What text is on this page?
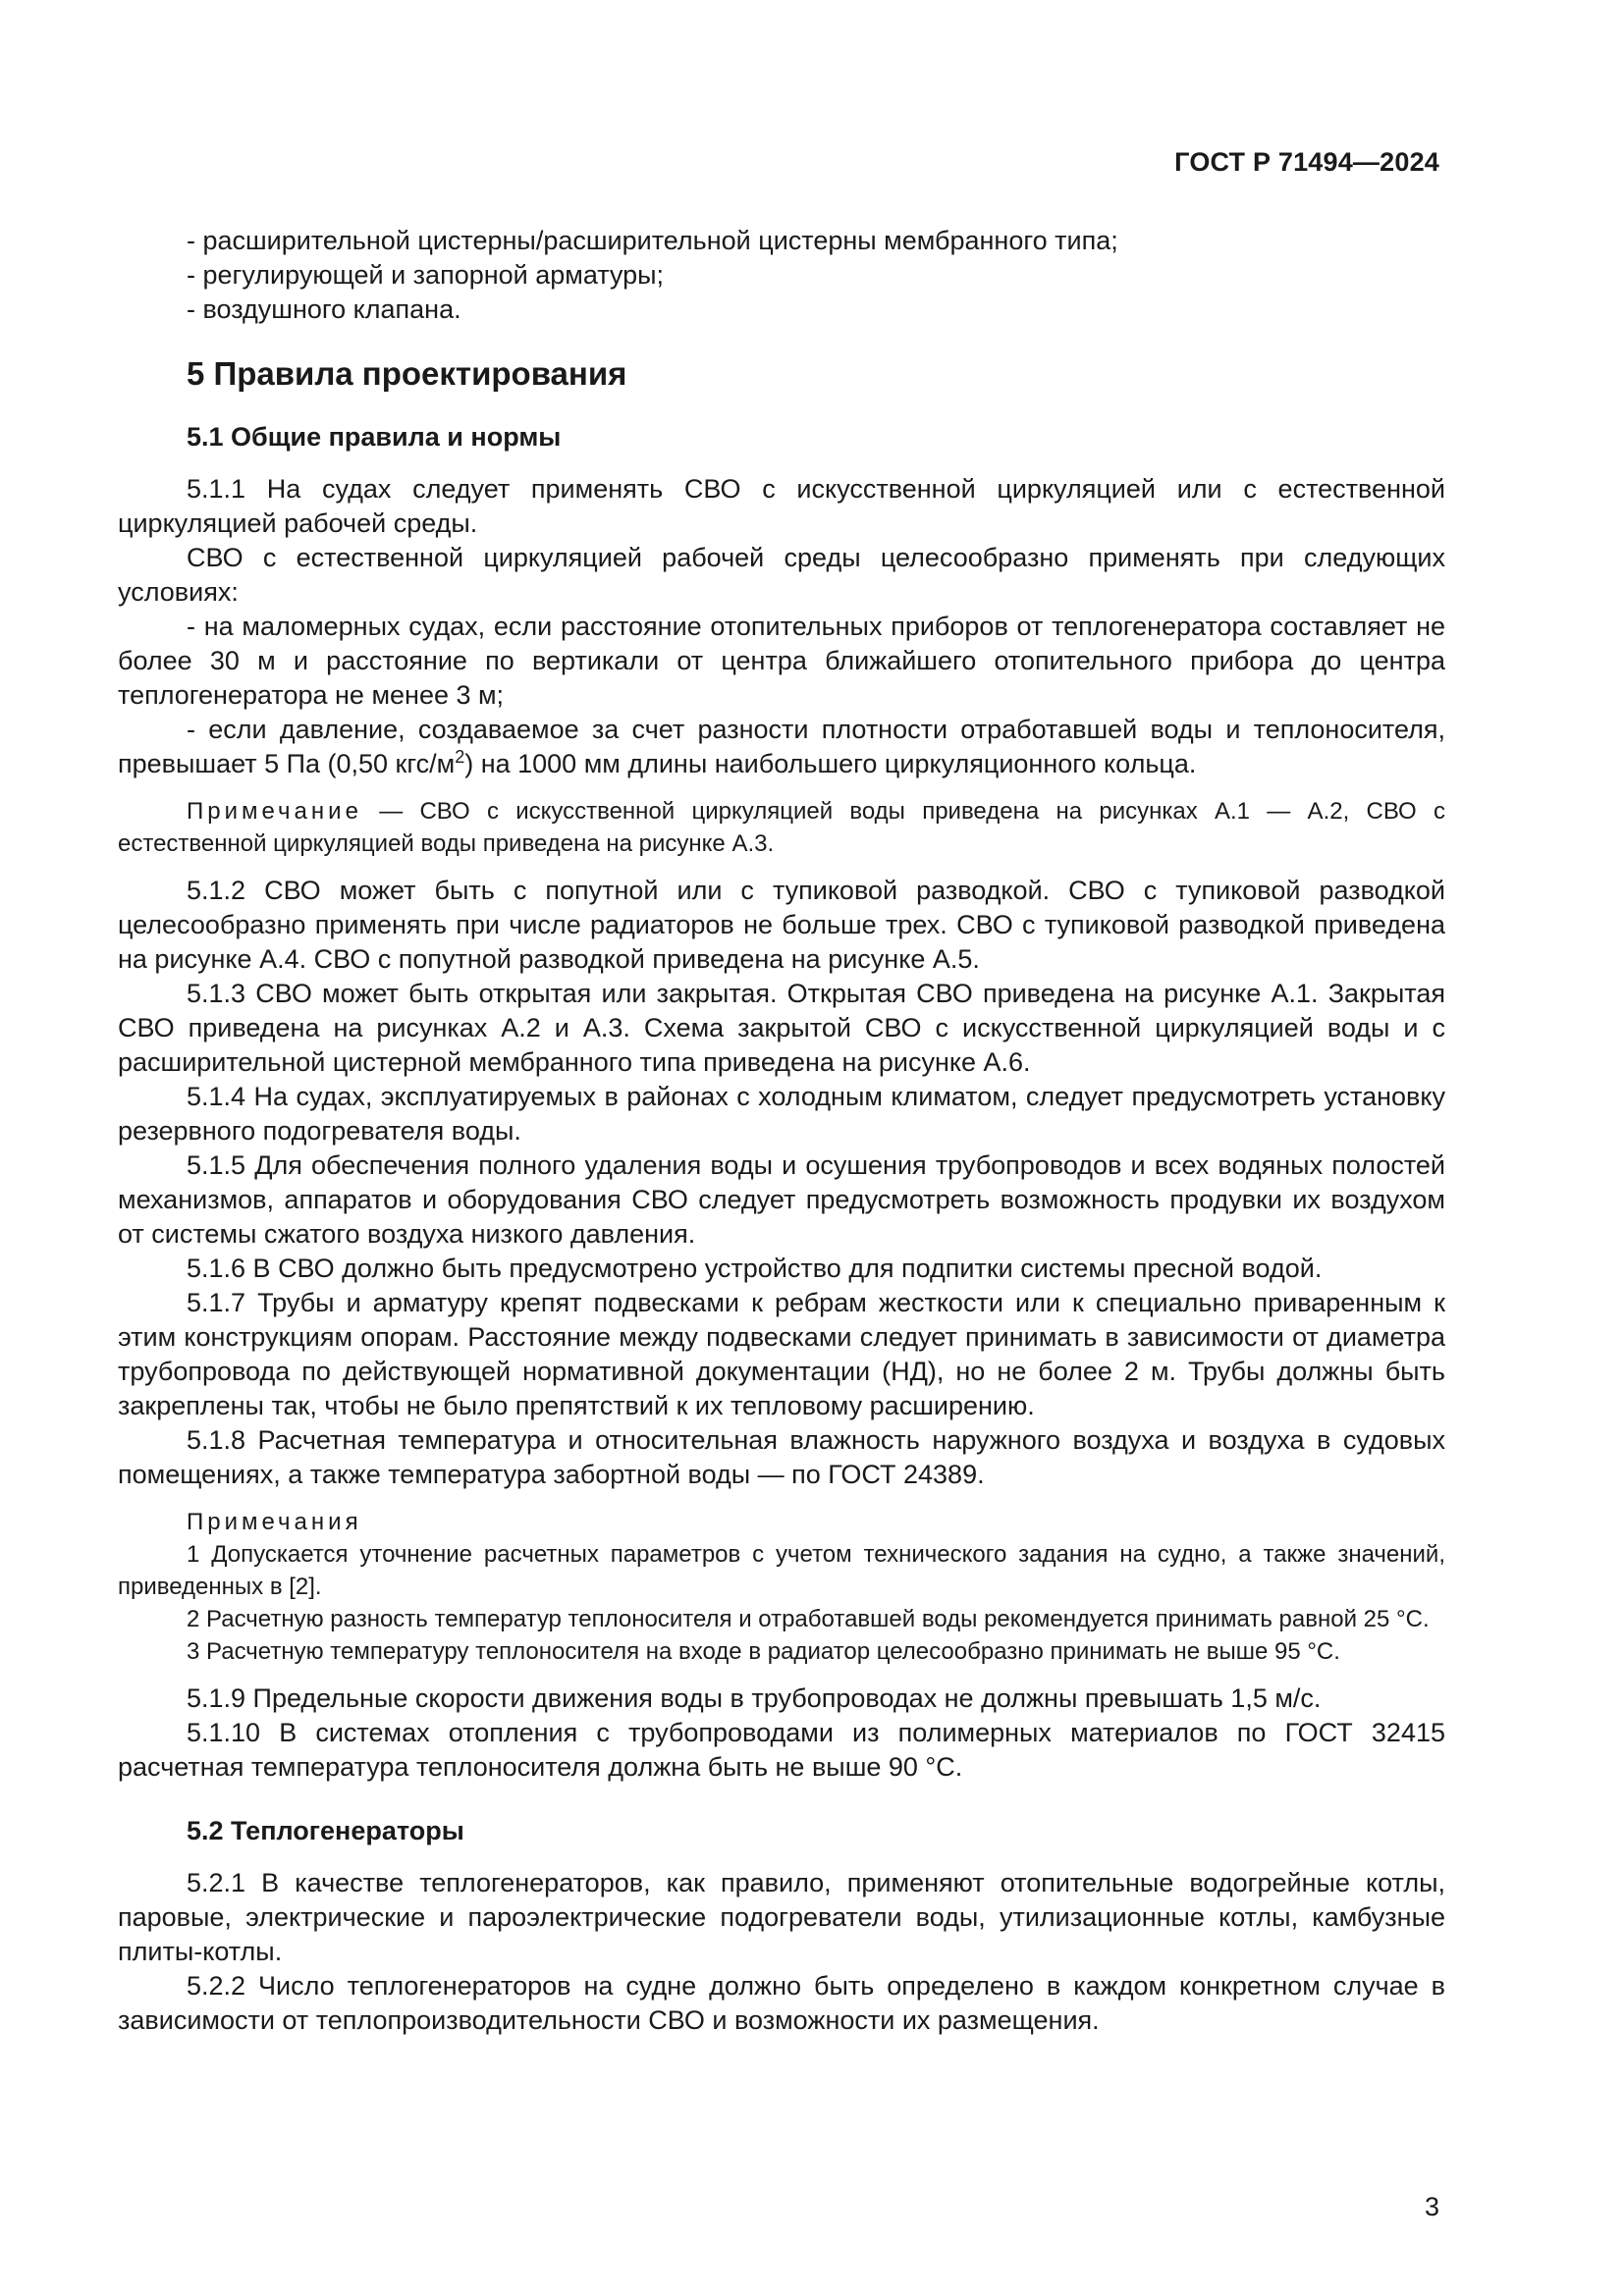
ГОСТ Р 71494—2024

- расширительной цистерны/расширительной цистерны мембранного типа;

- регулирующей и запорной арматуры;

- воздушного клапана.

5 Правила проектирования
5.1 Общие правила и нормы

5.1.1 На судах следует применять СВО с искусственной циркуляцией или с естественной циркуляцией рабочей среды.

СВО с естественной циркуляцией рабочей среды целесообразно применять при следующих условиях:

- на маломерных судах, если расстояние отопительных приборов от теплогенератора составляет не более 30 м и расстояние по вертикали от центра ближайшего отопительного прибора до центра теплогенератора не менее 3 м;

- если давление, создаваемое за счет разности плотности отработавшей воды и теплоносителя, превышает 5 Па (0,50 кгс/$м^2$) на 1000 мм длины наибольшего циркуляционного кольца.

Примечание — СВО с искусственной циркуляцией воды приведена на рисунках А.1 — А.2, СВО с естественной циркуляцией воды приведена на рисунке А.3.

5.1.2 СВО может быть с попутной или с тупиковой разводкой. СВО с тупиковой разводкой целесообразно применять при числе радиаторов не больше трех. СВО с тупиковой разводкой приведена на рисунке А.4. СВО с попутной разводкой приведена на рисунке А.5.

5.1.3 СВО может быть открытая или закрытая. Открытая СВО приведена на рисунке А.1. Закрытая СВО приведена на рисунках А.2 и А.3. Схема закрытой СВО с искусственной циркуляцией воды и с расширительной цистерной мембранного типа приведена на рисунке А.6.

5.1.4 На судах, эксплуатируемых в районах с холодным климатом, следует предусмотреть установку резервного подогревателя воды.

5.1.5 Для обеспечения полного удаления воды и осушения трубопроводов и всех водяных полостей механизмов, аппаратов и оборудования СВО следует предусмотреть возможность продувки их воздухом от системы сжатого воздуха низкого давления.

5.1.6 В СВО должно быть предусмотрено устройство для подпитки системы пресной водой.

5.1.7 Трубы и арматуру крепят подвесками к ребрам жесткости или к специально приваренным к этим конструкциям опорам. Расстояние между подвесками следует принимать в зависимости от диаметра трубопровода по действующей нормативной документации (НД), но не более 2 м. Трубы должны быть закреплены так, чтобы не было препятствий к их тепловому расширению.

5.1.8 Расчетная температура и относительная влажность наружного воздуха и воздуха в судовых помещениях, а также температура забортной воды — по ГОСТ 24389.

Примечания

1 Допускается уточнение расчетных параметров с учетом технического задания на судно, а также значений, приведенных в [2].

2 Расчетную разность температур теплоносителя и отработавшей воды рекомендуется принимать равной 25 °С.

3 Расчетную температуру теплоносителя на входе в радиатор целесообразно принимать не выше 95 °С.

5.1.9 Предельные скорости движения воды в трубопроводах не должны превышать 1,5 м/с.

5.1.10 В системах отопления с трубопроводами из полимерных материалов по ГОСТ 32415 расчетная температура теплоносителя должна быть не выше 90 °С.

5.2 Теплогенераторы

5.2.1 В качестве теплогенераторов, как правило, применяют отопительные водогрейные котлы, паровые, электрические и пароэлектрические подогреватели воды, утилизационные котлы, камбузные плиты-котлы.

5.2.2 Число теплогенераторов на судне должно быть определено в каждом конкретном случае в зависимости от теплопроизводительности СВО и возможности их размещения.

3
